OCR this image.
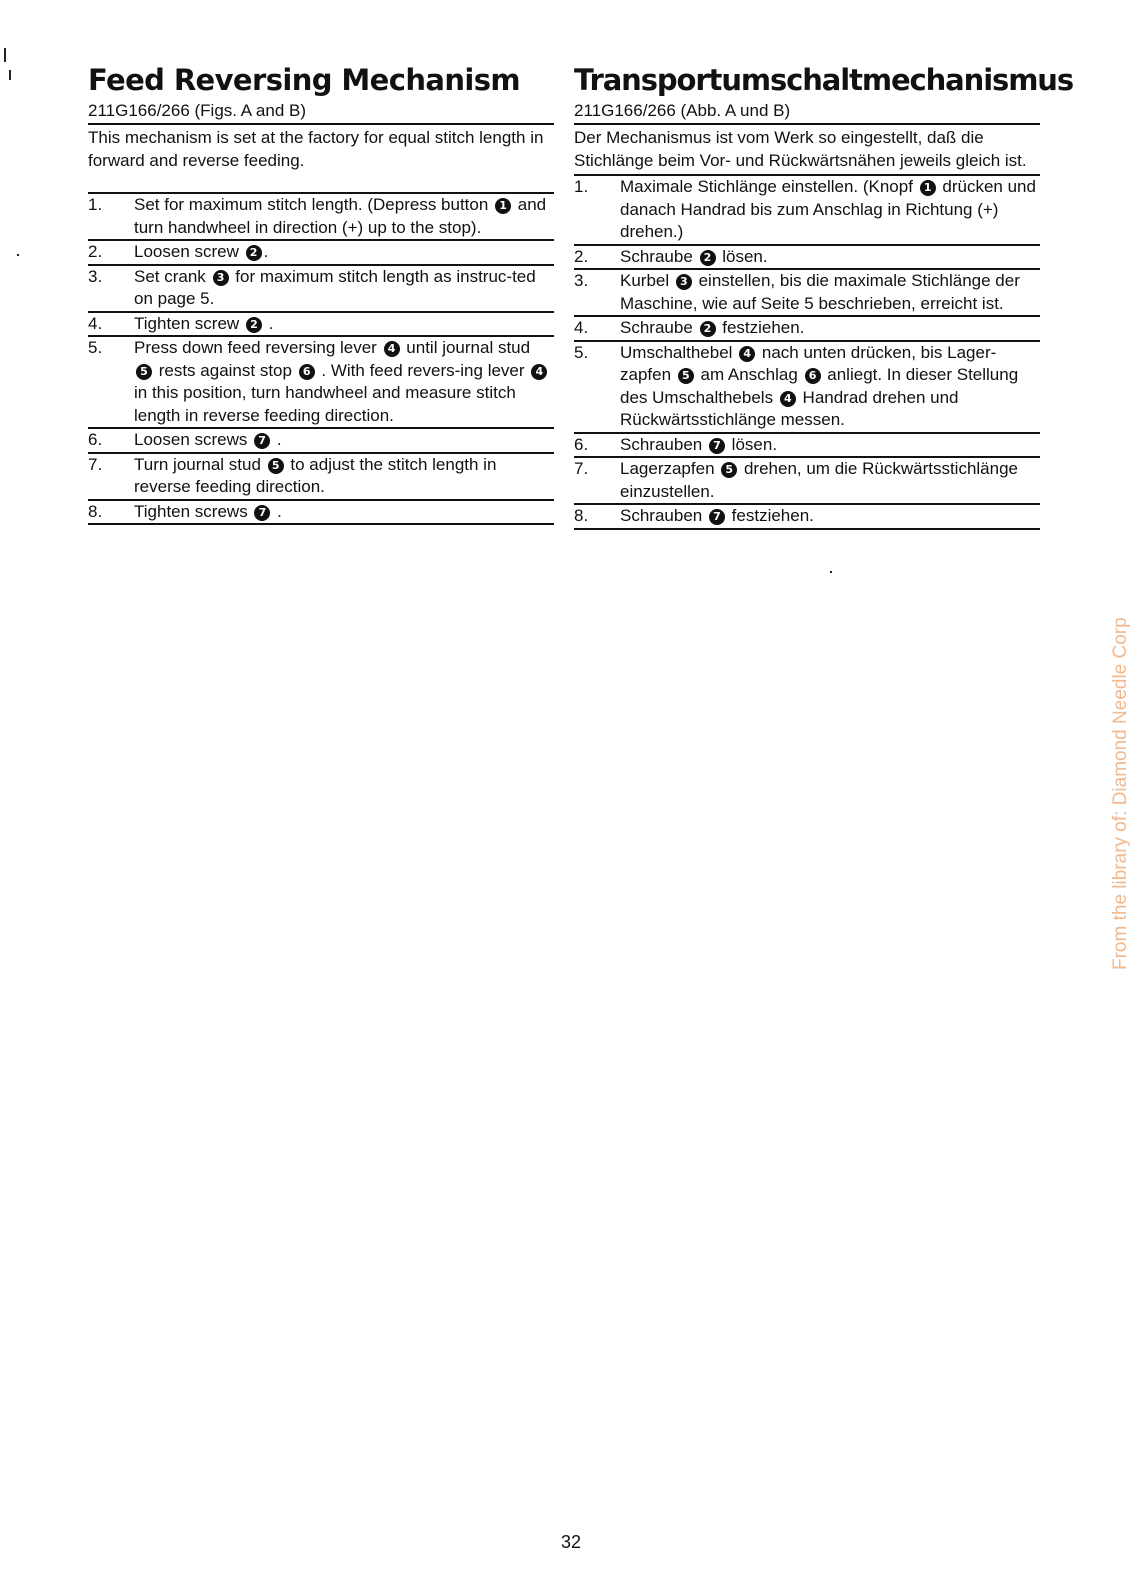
Feed Reversing Mechanism

211G166/266 (Figs. A and B)

This mechanism is set at the factory for equal stitch length in forward and reverse feeding.

1.	Set for maximum stitch length. (Depress button 1 and turn handwheel in direction (+) up to the stop).
2.	Loosen screw 2 .
3.	Set crank 3 for maximum stitch length as instruc-ted on page 5.
4.	Tighten screw 2 .
5.	Press down feed reversing lever 4 until journal stud 5 rests against stop 6 . With feed revers-ing lever 4 in this position, turn handwheel and measure stitch length in reverse feeding direction.
6.	Loosen screws 7 .
7.	Turn journal stud 5 to adjust the stitch length in reverse feeding direction.
8.	Tighten screws 7 .
Transportumschaltmechanismus

211G166/266 (Abb. A und B)

Der Mechanismus ist vom Werk so eingestellt, daß die Stichlänge beim Vor- und Rückwärtsnähen jeweils gleich ist.

1.	Maximale Stichlänge einstellen. (Knopf 1 drücken und danach Handrad bis zum Anschlag in Richtung (+) drehen.)
2.	Schraube 2 lösen.
3.	Kurbel 3 einstellen, bis die maximale Stichlänge der Maschine, wie auf Seite 5 beschrieben, erreicht ist.
4.	Schraube 2 festziehen.
5.	Umschalthebel 4 nach unten drücken, bis Lager-zapfen 5 am Anschlag 6 anliegt. In dieser Stellung des Umschalthebels 4 Handrad drehen und Rückwärtsstichlänge messen.
6.	Schrauben 7 lösen.
7.	Lagerzapfen 5 drehen, um die Rückwärtsstichlänge einzustellen.
8.	Schrauben 7 festziehen.
32
From the library of: Diamond Needle Corp
